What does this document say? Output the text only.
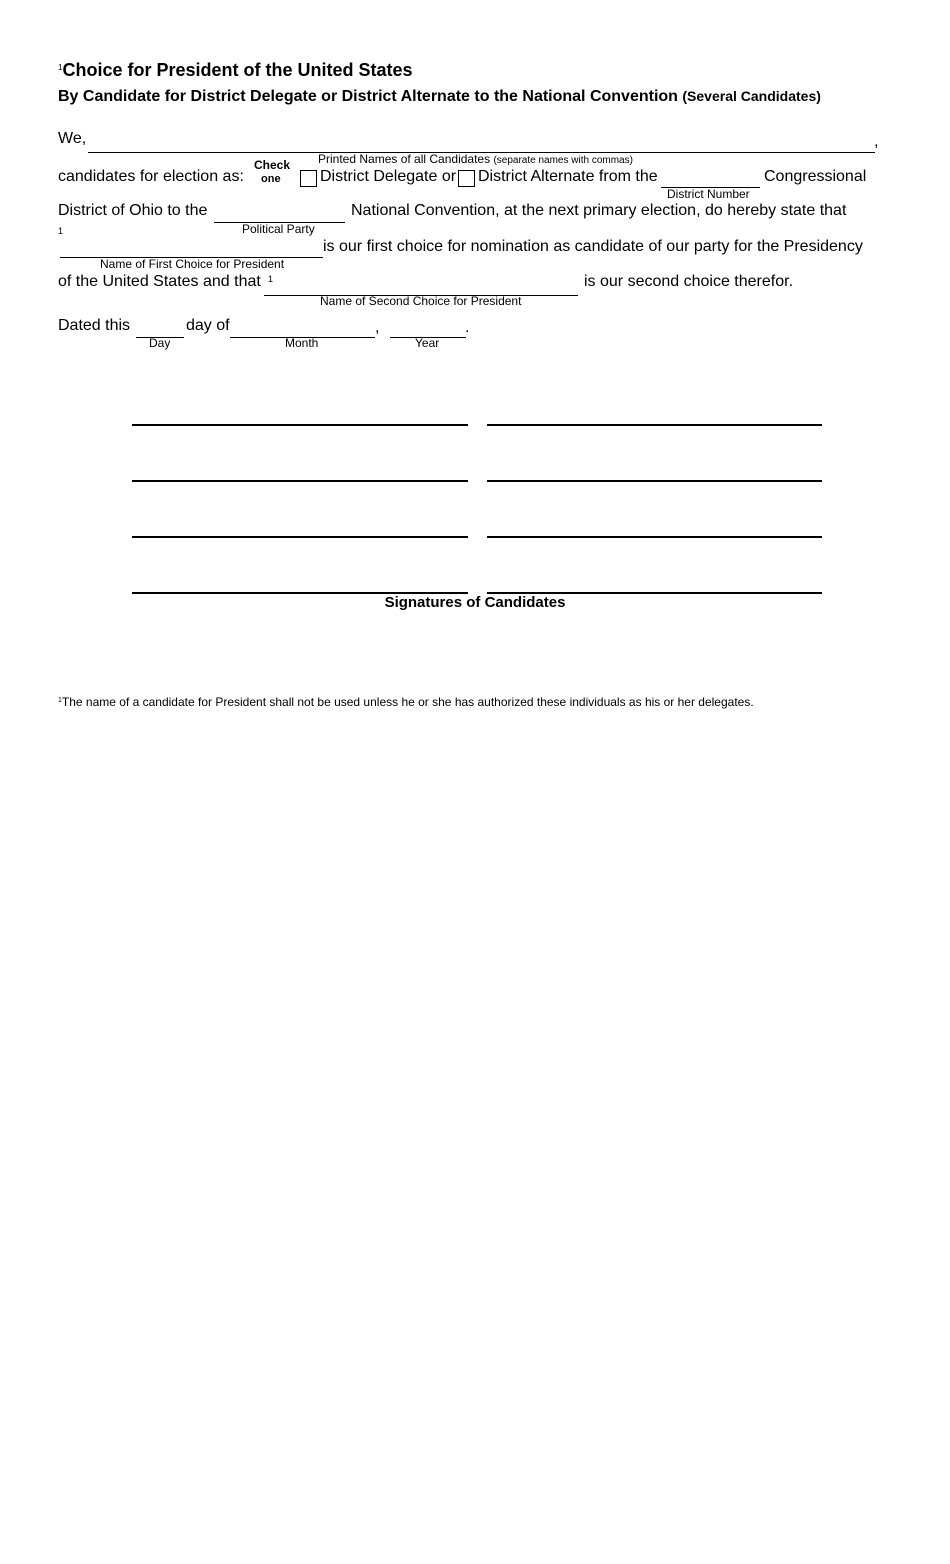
$^1$Choice for President of the United States
By Candidate for District Delegate or District Alternate to the National Convention (Several Candidates)
We,	,
Printed Names of all Candidates (separate names with commas)
candidates for election as:
Check
one District Delegate or District Alternate from the
District Number
Congressional
District of Ohio to the
Political Party
National Convention, at the next primary election, do hereby state that
1
is our first choice for nomination as candidate of our party for the Presidency
Name of First Choice for President
of the United States and that 1	is our second choice therefor.
Name of Second Choice for President
Dated this
Day
day of
Month
,
Year
.
Signatures of Candidates
$^1$The name of a candidate for President shall not be used unless he or she has authorized these individuals as his or her delegates.
